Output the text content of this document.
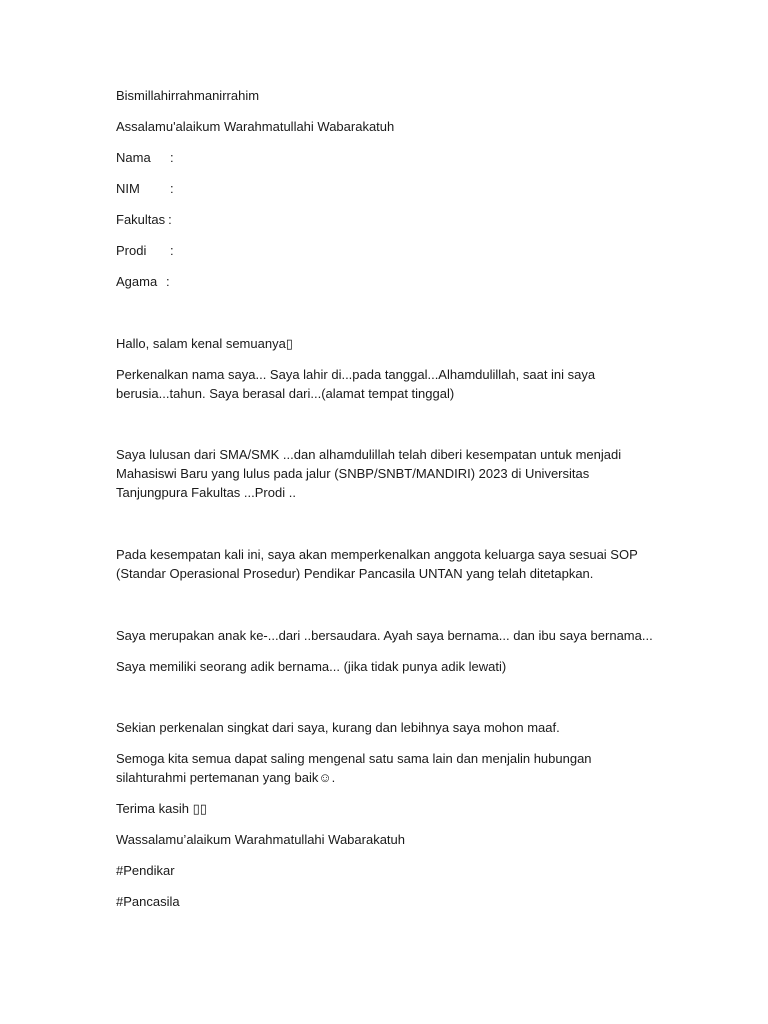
Bismillahirrahmanirrahim
Assalamu'alaikum Warahmatullahi Wabarakatuh
Nama :
NIM :
Fakultas :
Prodi :
Agama :
Hallo, salam kenal semuanya▯
Perkenalkan nama saya... Saya lahir di...pada tanggal...Alhamdulillah, saat ini saya
berusia...tahun. Saya berasal dari...(alamat tempat tinggal)
Saya lulusan dari SMA/SMK ...dan alhamdulillah telah diberi kesempatan untuk menjadi
Mahasiswi Baru yang lulus pada jalur (SNBP/SNBT/MANDIRI) 2023 di Universitas
Tanjungpura Fakultas ...Prodi ..
Pada kesempatan kali ini, saya akan memperkenalkan anggota keluarga saya sesuai SOP
(Standar Operasional Prosedur) Pendikar Pancasila UNTAN yang telah ditetapkan.
Saya merupakan anak ke-...dari ..bersaudara. Ayah saya bernama... dan ibu saya bernama...
Saya memiliki seorang adik bernama... (jika tidak punya adik lewati)
Sekian perkenalan singkat dari saya, kurang dan lebihnya saya mohon maaf.
Semoga kita semua dapat saling mengenal satu sama lain dan menjalin hubungan
silahturahmi pertemanan yang baik☺.
Terima kasih ▯▯
Wassalamu’alaikum Warahmatullahi Wabarakatuh
#Pendikar
#Pancasila
